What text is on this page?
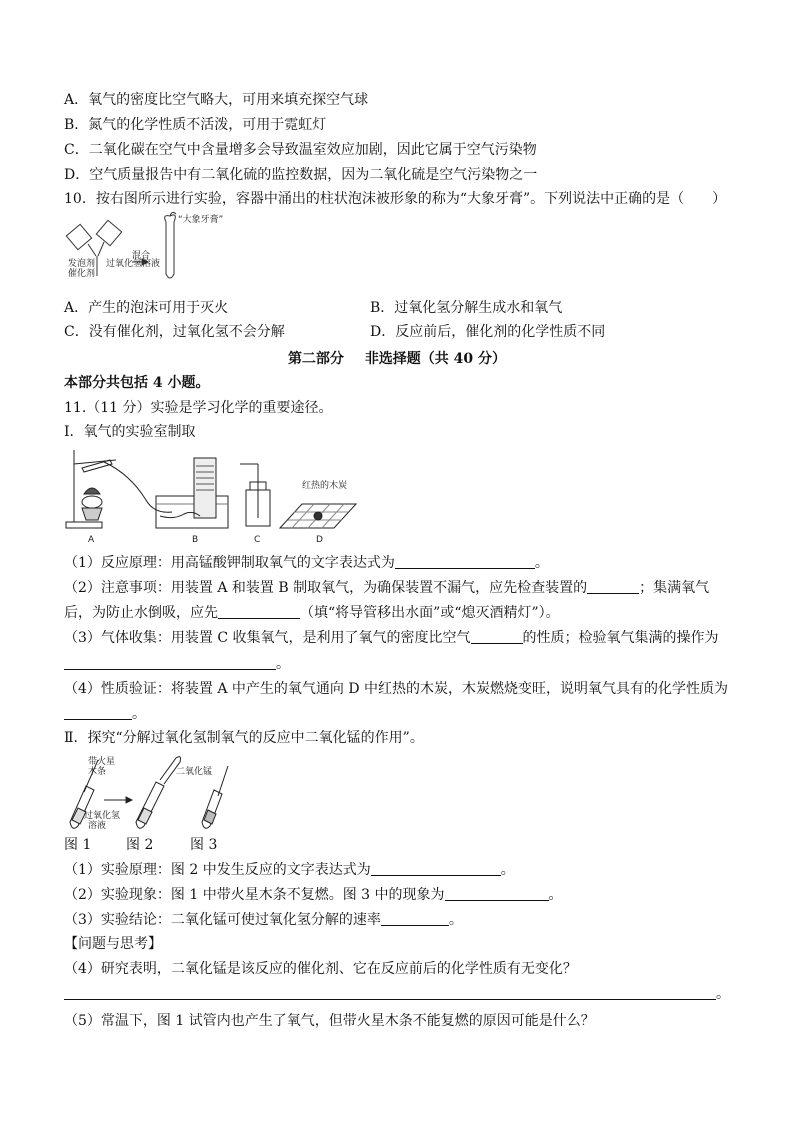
A．氧气的密度比空气略大，可用来填充探空气球
B．氮气的化学性质不活泼，可用于霓虹灯
C．二氧化碳在空气中含量增多会导致温室效应加剧，因此它属于空气污染物
D．空气质量报告中有二氧化硫的监控数据，因为二氧化硫是空气污染物之一
10．按右图所示进行实验，容器中涌出的柱状泡沫被形象的称为“大象牙膏”。下列说法中正确的是（　　）
“大象牙膏”
发泡剂
催化剂
过氧化氢溶液
混合
A．产生的泡沫可用于灭火	B．过氧化氢分解生成水和氧气
C．没有催化剂，过氧化氢不会分解	D．反应前后，催化剂的化学性质不同
第二部分 非选择题（共 40 分）
本部分共包括 4 小题。
11.（11 分）实验是学习化学的重要途径。
Ⅰ．氧气的实验室制取
红热的木炭
A	B	C	D
（1）反应原理：用高锰酸钾制取氧气的文字表达式为	。
（2）注意事项：用装置 A 和装置 B 制取氧气，为确保装置不漏气，应先检查装置的	；集满氧气
后，为防止水倒吸，应先	（填“将导管移出水面”或“熄灭酒精灯”）。
（3）气体收集：用装置 C 收集氧气，是利用了氧气的密度比空气	的性质；检验氧气集满的操作为
。
（4）性质验证：将装置 A 中产生的氧气通向 D 中红热的木炭，木炭燃烧变旺，说明氧气具有的化学性质为
。
Ⅱ．探究“分解过氧化氢制氧气的反应中二氧化锰的作用”。
带火星
木条
过氧化氢
溶液
二氧化锰
图 1 图 2	图 3
（1）实验原理：图 2 中发生反应的文字表达式为	。
（2）实验现象：图 1 中带火星木条不复燃。图 3 中的现象为	。
（3）实验结论：二氧化锰可使过氧化氢分解的速率	。
【问题与思考】
（4）研究表明，二氧化锰是该反应的催化剂、它在反应前后的化学性质有无变化？
。
（5）常温下，图 1 试管内也产生了氧气，但带火星木条不能复燃的原因可能是什么？
